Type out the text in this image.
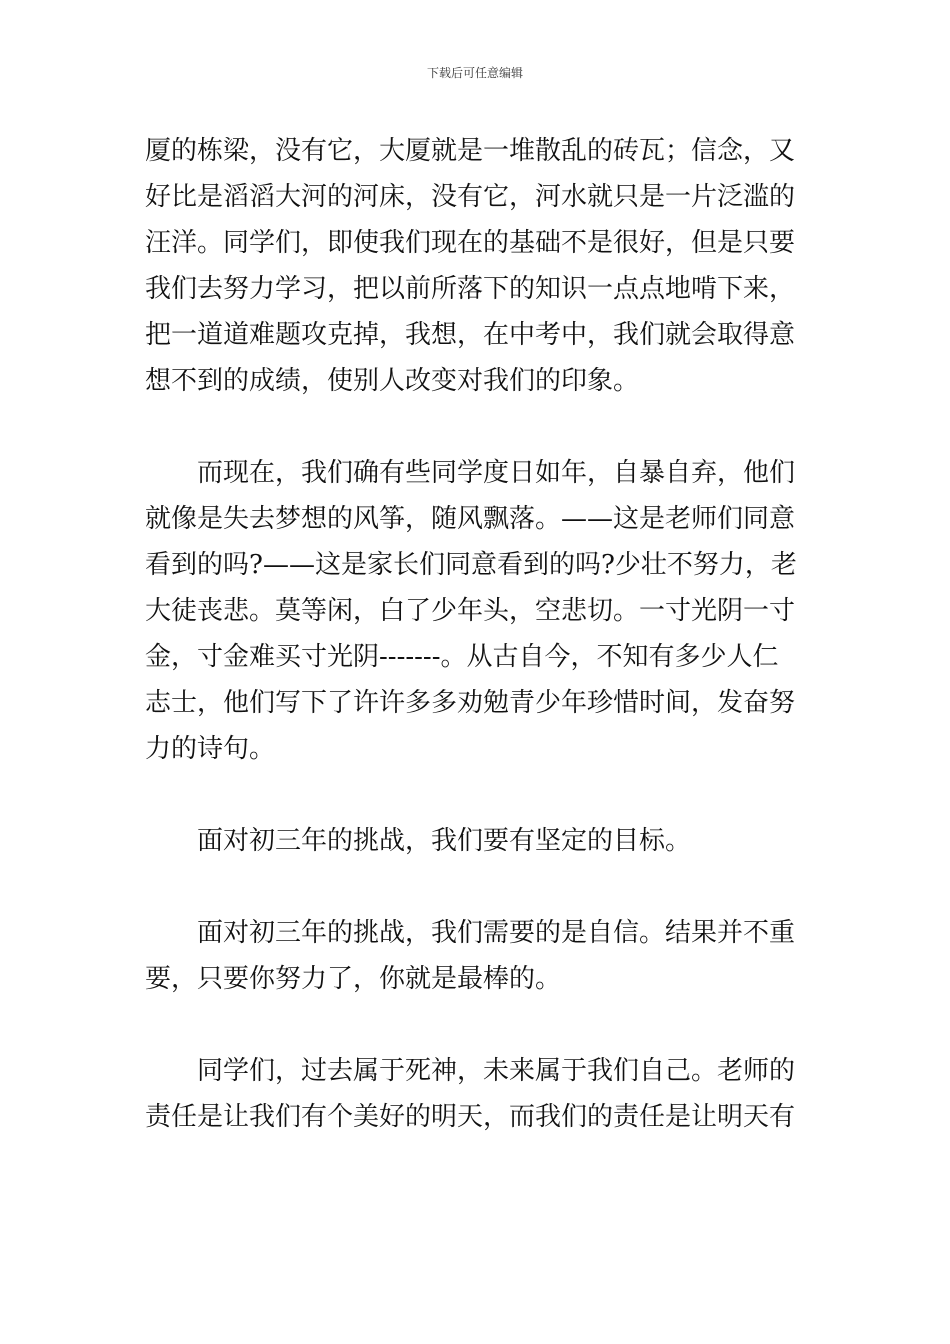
下载后可任意编辑
厦的栋梁，没有它，大厦就是一堆散乱的砖瓦；信念，又
好比是滔滔大河的河床，没有它，河水就只是一片泛滥的
汪洋。同学们，即使我们现在的基础不是很好，但是只要
我们去努力学习，把以前所落下的知识一点点地啃下来，
把一道道难题攻克掉，我想，在中考中，我们就会取得意
想不到的成绩，使别人改变对我们的印象。
而现在，我们确有些同学度日如年，自暴自弃，他们
就像是失去梦想的风筝，随风飘落。——这是老师们同意
看到的吗?——这是家长们同意看到的吗?少壮不努力，老
大徒丧悲。莫等闲，白了少年头，空悲切。一寸光阴一寸
金，寸金难买寸光阴-------。从古自今，不知有多少人仁
志士，他们写下了许许多多劝勉青少年珍惜时间，发奋努
力的诗句。
面对初三年的挑战，我们要有坚定的目标。
面对初三年的挑战，我们需要的是自信。结果并不重
要，只要你努力了，你就是最棒的。
同学们，过去属于死神，未来属于我们自己。老师的
责任是让我们有个美好的明天，而我们的责任是让明天有
